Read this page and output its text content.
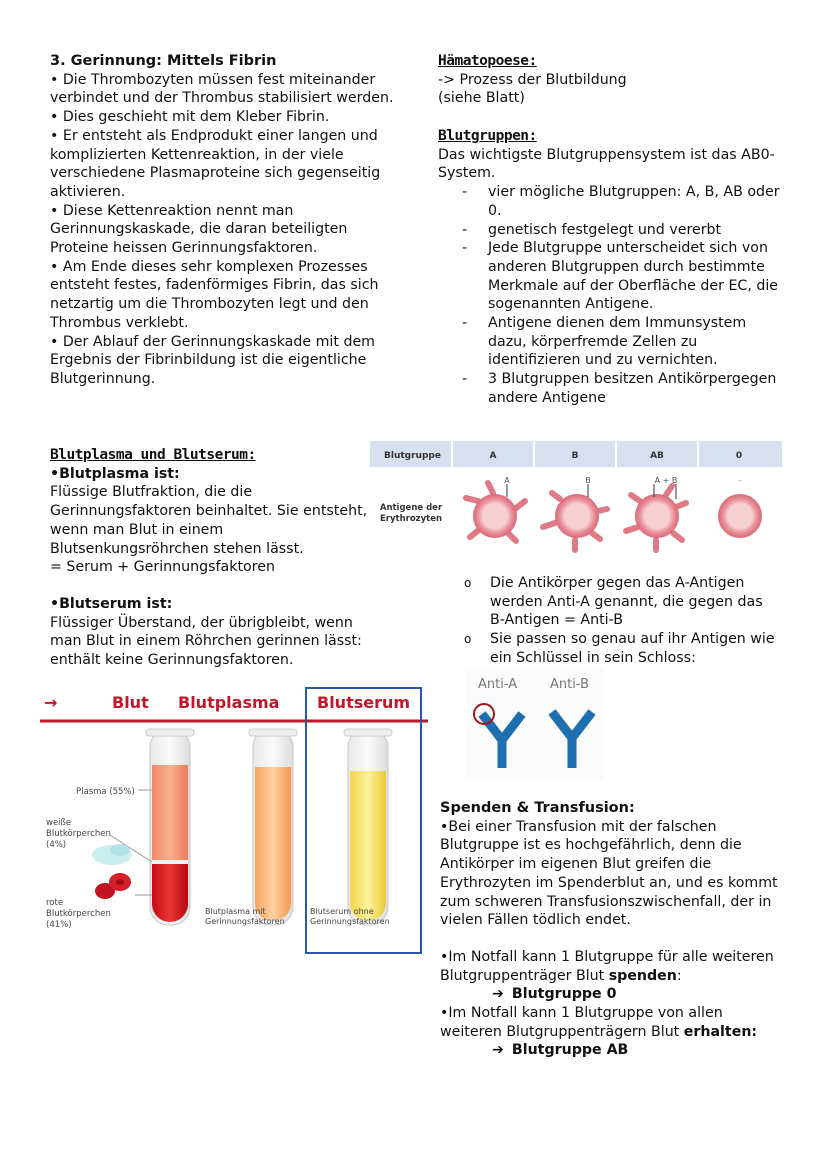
3. Gerinnung: Mittels Fibrin

• Die Thrombozyten müssen fest miteinander verbindet und der Thrombus stabilisiert werden.

• Dies geschieht mit dem Kleber Fibrin.

• Er entsteht als Endprodukt einer langen und komplizierten Kettenreaktion, in der viele verschiedene Plasmaproteine sich gegenseitig aktivieren.

• Diese Kettenreaktion nennt man Gerinnungskaskade, die daran beteiligten Proteine heissen Gerinnungsfaktoren.

• Am Ende dieses sehr komplexen Prozesses entsteht festes, fadenförmiges Fibrin, das sich netzartig um die Thrombozyten legt und den Thrombus verklebt.

• Der Ablauf der Gerinnungskaskade mit dem Ergebnis der Fibrinbildung ist die eigentliche Blutgerinnung.

Blutplasma und Blutserum:

•Blutplasma ist:

Flüssige Blutfraktion, die die Gerinnungsfaktoren beinhaltet. Sie entsteht, wenn man Blut in einem Blutsenkungsröhrchen stehen lässt.

= Serum + Gerinnungsfaktoren

•Blutserum ist:

Flüssiger Überstand, der übrigbleibt, wenn man Blut in einem Röhrchen gerinnen lässt: enthält keine Gerinnungsfaktoren.

→	Blut Blutplasma Blutserum
Plasma (55%)
weiße Blutkörperchen (4%)
rote Blutkörperchen (41%)
Blutplasma mit Gerinnungsfaktoren
Blutserum ohne Gerinnungsfaktoren

Hämatopoese:

-> Prozess der Blutbildung

(siehe Blatt)

Blutgruppen:

Das wichtigste Blutgruppensystem ist das AB0-System.

- vier mögliche Blutgruppen: A, B, AB oder 0.
- genetisch festgelegt und vererbt
- Jede Blutgruppe unterscheidet sich von anderen Blutgruppen durch bestimmte Merkmale auf der Oberfläche der EC, die sogenannten Antigene.
- Antigene dienen dem Immunsystem dazu, körperfremde Zellen zu identifizieren und zu vernichten.
- 3 Blutgruppen besitzen Antikörpergegen andere Antigene
Blutgruppe	A	B	AB	0
Antigene der Erythrozyten
A	B	A + B	–
o Die Antikörper gegen das A-Antigen werden Anti-A genannt, die gegen das B-Antigen = Anti-B
o Sie passen so genau auf ihr Antigen wie ein Schlüssel in sein Schloss:
Anti-A	Anti-B

Spenden & Transfusion:

•Bei einer Transfusion mit der falschen Blutgruppe ist es hochgefährlich, denn die Antikörper im eigenen Blut greifen die Erythrozyten im Spenderblut an, und es kommt zum schweren Transfusionszwischenfall, der in vielen Fällen tödlich endet.

•Im Notfall kann 1 Blutgruppe für alle weiteren Blutgruppenträger Blut spenden:

➔ Blutgruppe 0

•Im Notfall kann 1 Blutgruppe von allen weiteren Blutgruppenträgern Blut erhalten:

➔ Blutgruppe AB
